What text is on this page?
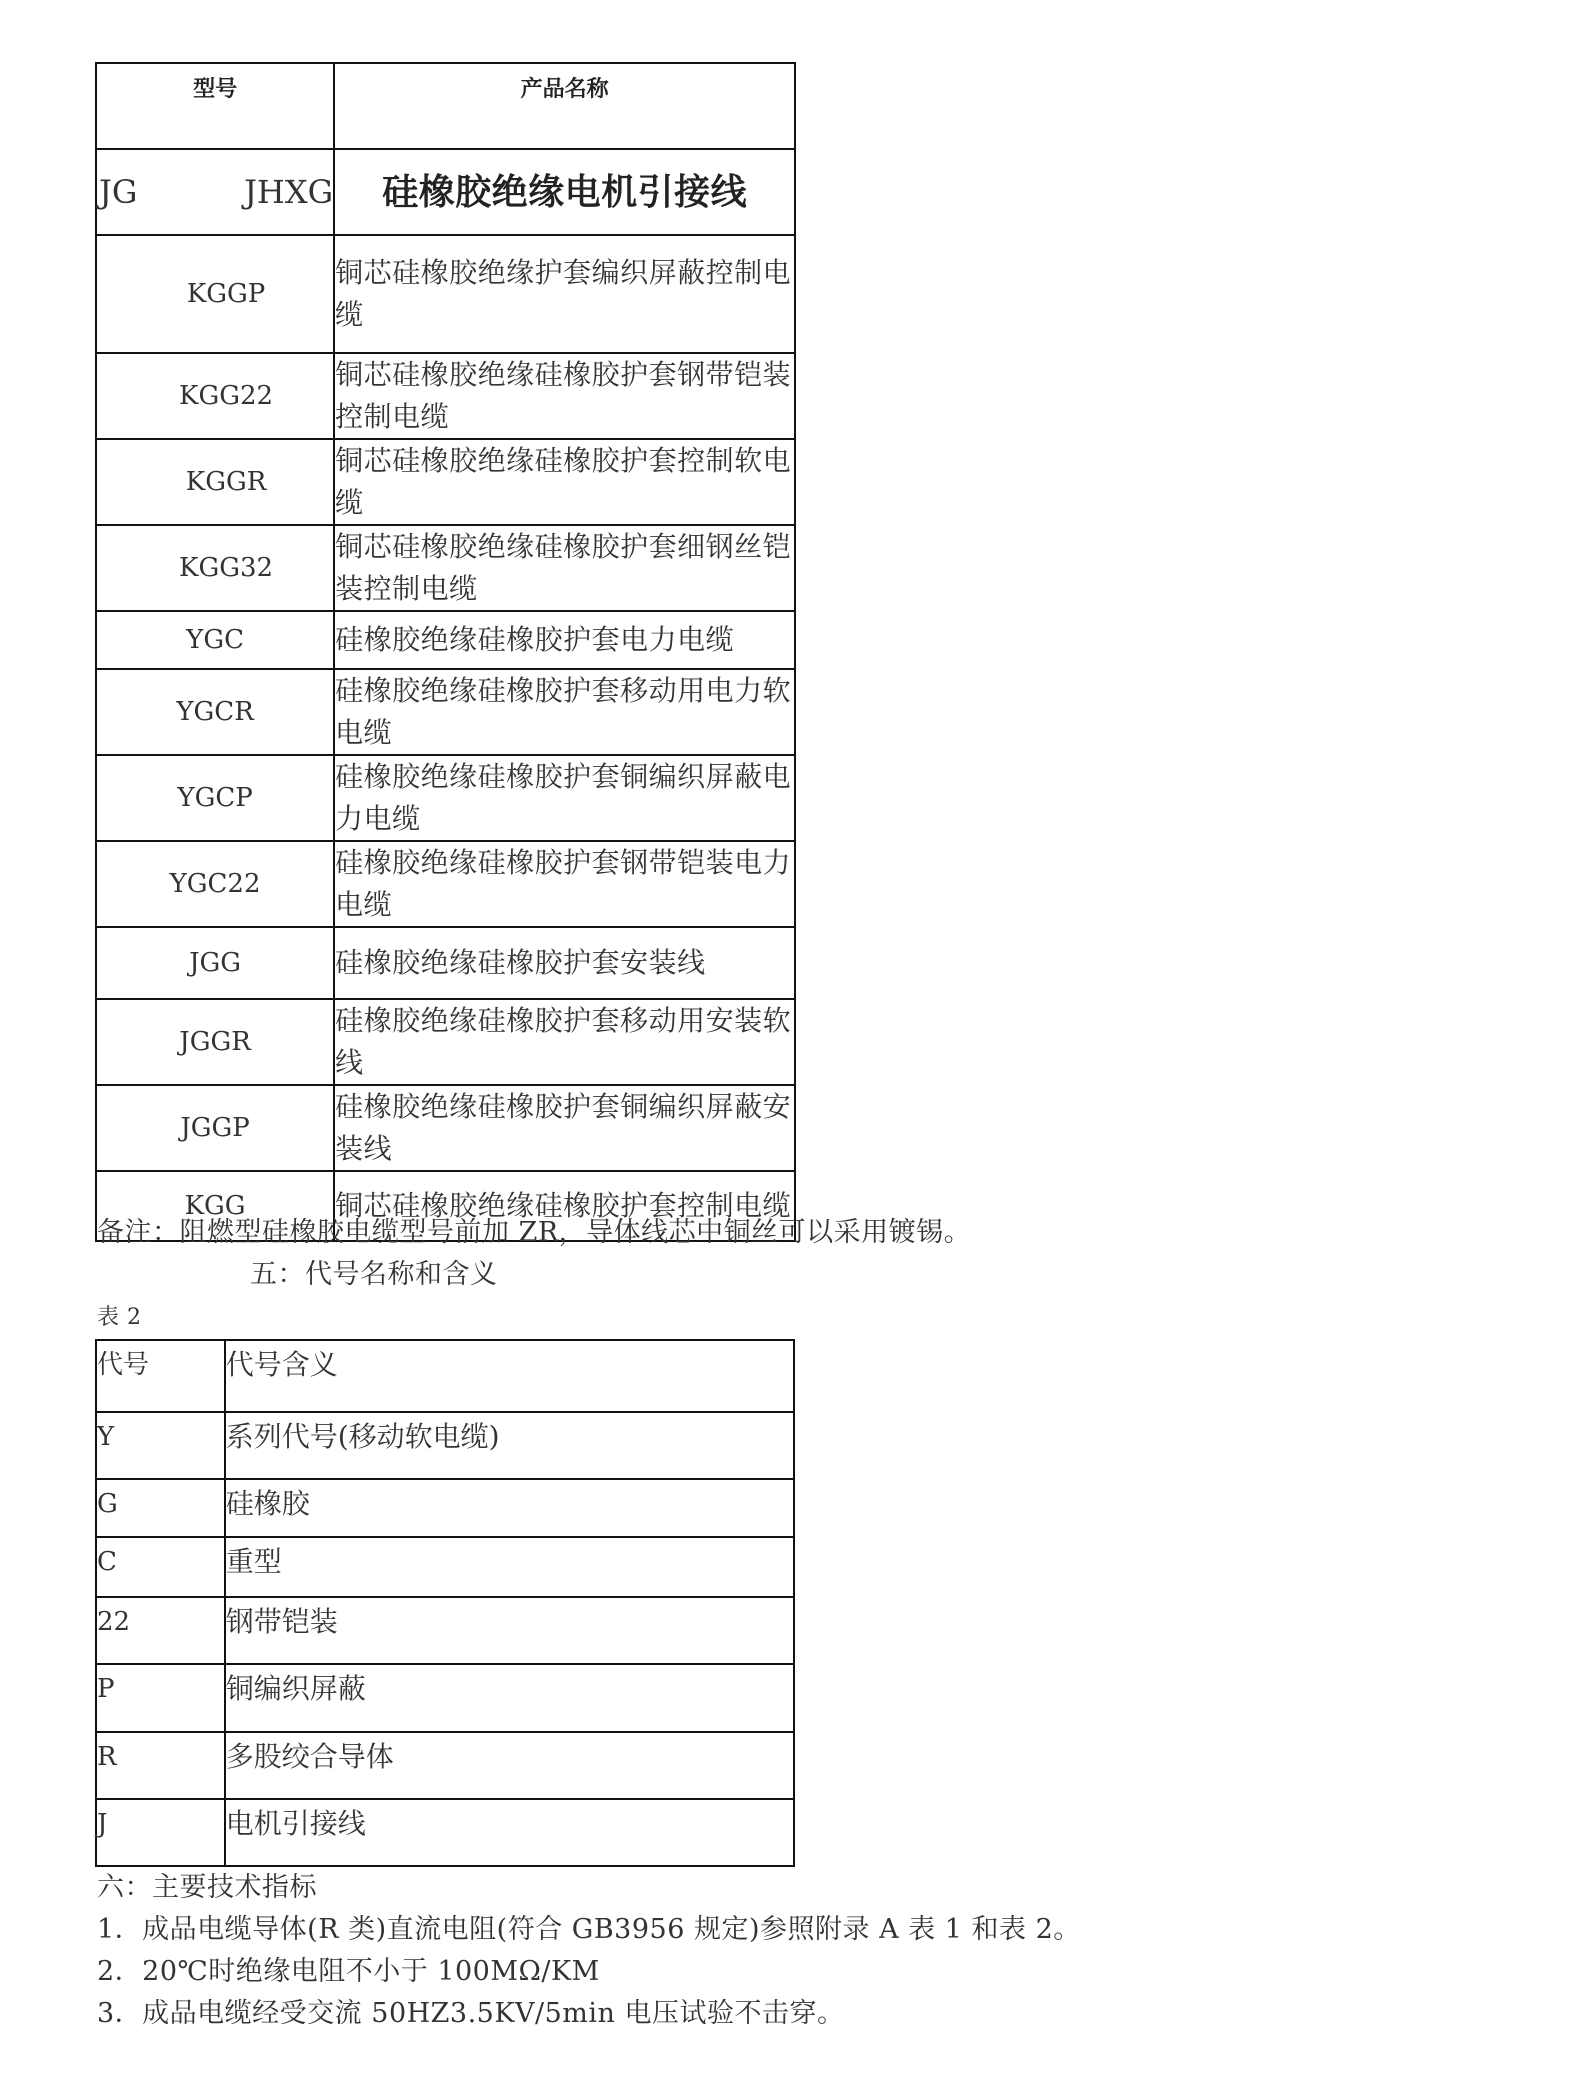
型号	产品名称

JG JHXG	硅橡胶绝缘电机引接线
KGGP	铜芯硅橡胶绝缘护套编织屏蔽控制电缆
KGG22	铜芯硅橡胶绝缘硅橡胶护套钢带铠装控制电缆
KGGR	铜芯硅橡胶绝缘硅橡胶护套控制软电缆
KGG32	铜芯硅橡胶绝缘硅橡胶护套细钢丝铠装控制电缆
YGC	硅橡胶绝缘硅橡胶护套电力电缆
YGCR	硅橡胶绝缘硅橡胶护套移动用电力软电缆
YGCP	硅橡胶绝缘硅橡胶护套铜编织屏蔽电力电缆
YGC22	硅橡胶绝缘硅橡胶护套钢带铠装电力电缆
JGG	硅橡胶绝缘硅橡胶护套安装线
JGGR	硅橡胶绝缘硅橡胶护套移动用安装软线
JGGP	硅橡胶绝缘硅橡胶护套铜编织屏蔽安装线
KGG	铜芯硅橡胶绝缘硅橡胶护套控制电缆
备注：阻燃型硅橡胶电缆型号前加 ZR，导体线芯中铜丝可以采用镀锡。
五：代号名称和含义
表 2
代号	代号含义
Y	系列代号(移动软电缆)
G	硅橡胶
C	重型
22	钢带铠装
P	铜编织屏蔽
R	多股绞合导体
J	电机引接线
六：主要技术指标
1．成品电缆导体(R 类)直流电阻(符合 GB3956 规定)参照附录 A 表 1 和表 2。
2．20℃时绝缘电阻不小于 100MΩ/KM
3．成品电缆经受交流 50HZ3.5KV/5min 电压试验不击穿。
